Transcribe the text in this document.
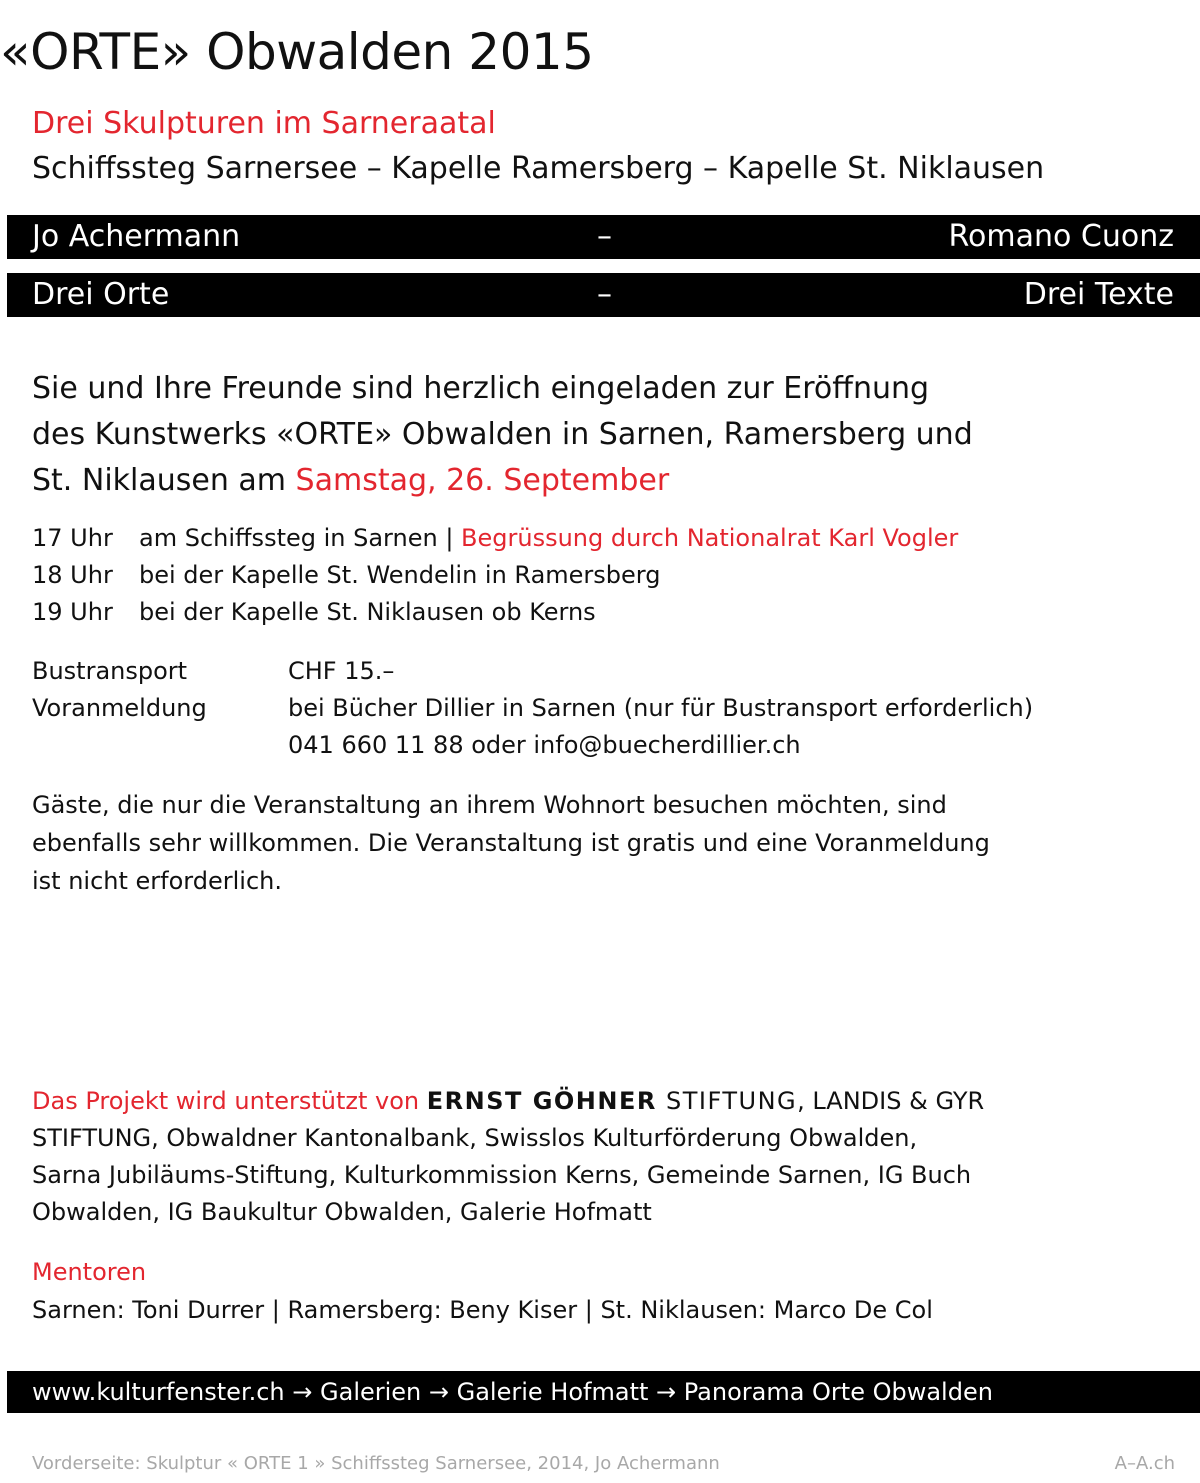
«ORTE» Obwalden 2015
Drei Skulpturen im Sarneraatal
Schiffssteg Sarnersee – Kapelle Ramersberg – Kapelle St. Niklausen
Jo Achermann	–	Romano Cuonz
Drei Orte	–	Drei Texte
Sie und Ihre Freunde sind herzlich eingeladen zur Eröffnung
des Kunstwerks «ORTE» Obwalden in Sarnen, Ramersberg und
St. Niklausen am Samstag, 26. September
17 Uhr am Schiffssteg in Sarnen | Begrüssung durch Nationalrat Karl Vogler
18 Uhr bei der Kapelle St. Wendelin in Ramersberg
19 Uhr bei der Kapelle St. Niklausen ob Kerns
Bustransport	CHF 15.–
Voranmeldung	bei Bücher Dillier in Sarnen (nur für Bustransport erforderlich)
041 660 11 88 oder info@buecherdillier.ch
Gäste, die nur die Veranstaltung an ihrem Wohnort besuchen möchten, sind
ebenfalls sehr willkommen. Die Veranstaltung ist gratis und eine Voranmeldung
ist nicht erforderlich.
Das Projekt wird unterstützt von ERNST GÖHNER STIFTUNG, LANDIS & GYR
STIFTUNG, Obwaldner Kantonalbank, Swisslos Kulturförderung Obwalden,
Sarna Jubiläums-Stiftung, Kulturkommission Kerns, Gemeinde Sarnen, IG Buch
Obwalden, IG Baukultur Obwalden, Galerie Hofmatt
Mentoren
Sarnen: Toni Durrer | Ramersberg: Beny Kiser | St. Niklausen: Marco De Col
www.kulturfenster.ch → Galerien → Galerie Hofmatt → Panorama Orte Obwalden
Vorderseite: Skulptur « ORTE 1 » Schiffssteg Sarnersee, 2014, Jo Achermann	A–A.ch
